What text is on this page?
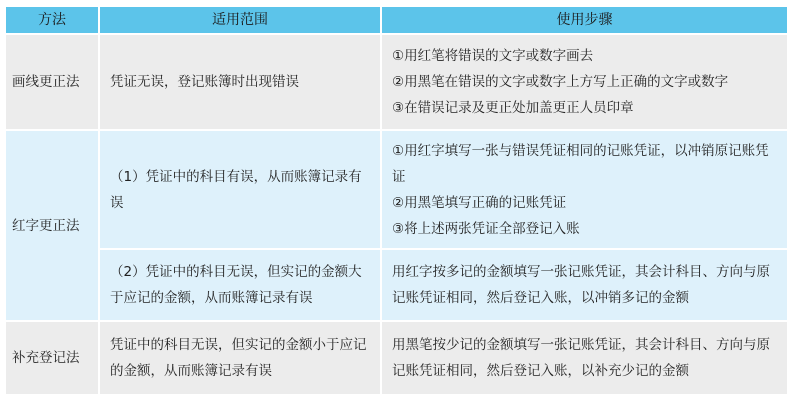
方法	适用范围	使用步骤
画线更正法	凭证无误，登记账簿时出现错误	①用红笔将错误的文字或数字画去
②用黑笔在错误的文字或数字上方写上正确的文字或数字
③在错误记录及更正处加盖更正人员印章

红字更正法	（1）凭证中的科目有误，从而账簿记录有误	①用红字填写一张与错误凭证相同的记账凭证，以冲销原记账凭证
②用黑笔填写正确的记账凭证
③将上述两张凭证全部登记入账

	（2）凭证中的科目无误，但实记的金额大于应记的金额，从而账簿记录有误	用红字按多记的金额填写一张记账凭证，其会计科目、方向与原记账凭证相同，然后登记入账，以冲销多记的金额

补充登记法	凭证中的科目无误，但实记的金额小于应记的金额，从而账簿记录有误	用黑笔按少记的金额填写一张记账凭证，其会计科目、方向与原记账凭证相同，然后登记入账，以补充少记的金额
